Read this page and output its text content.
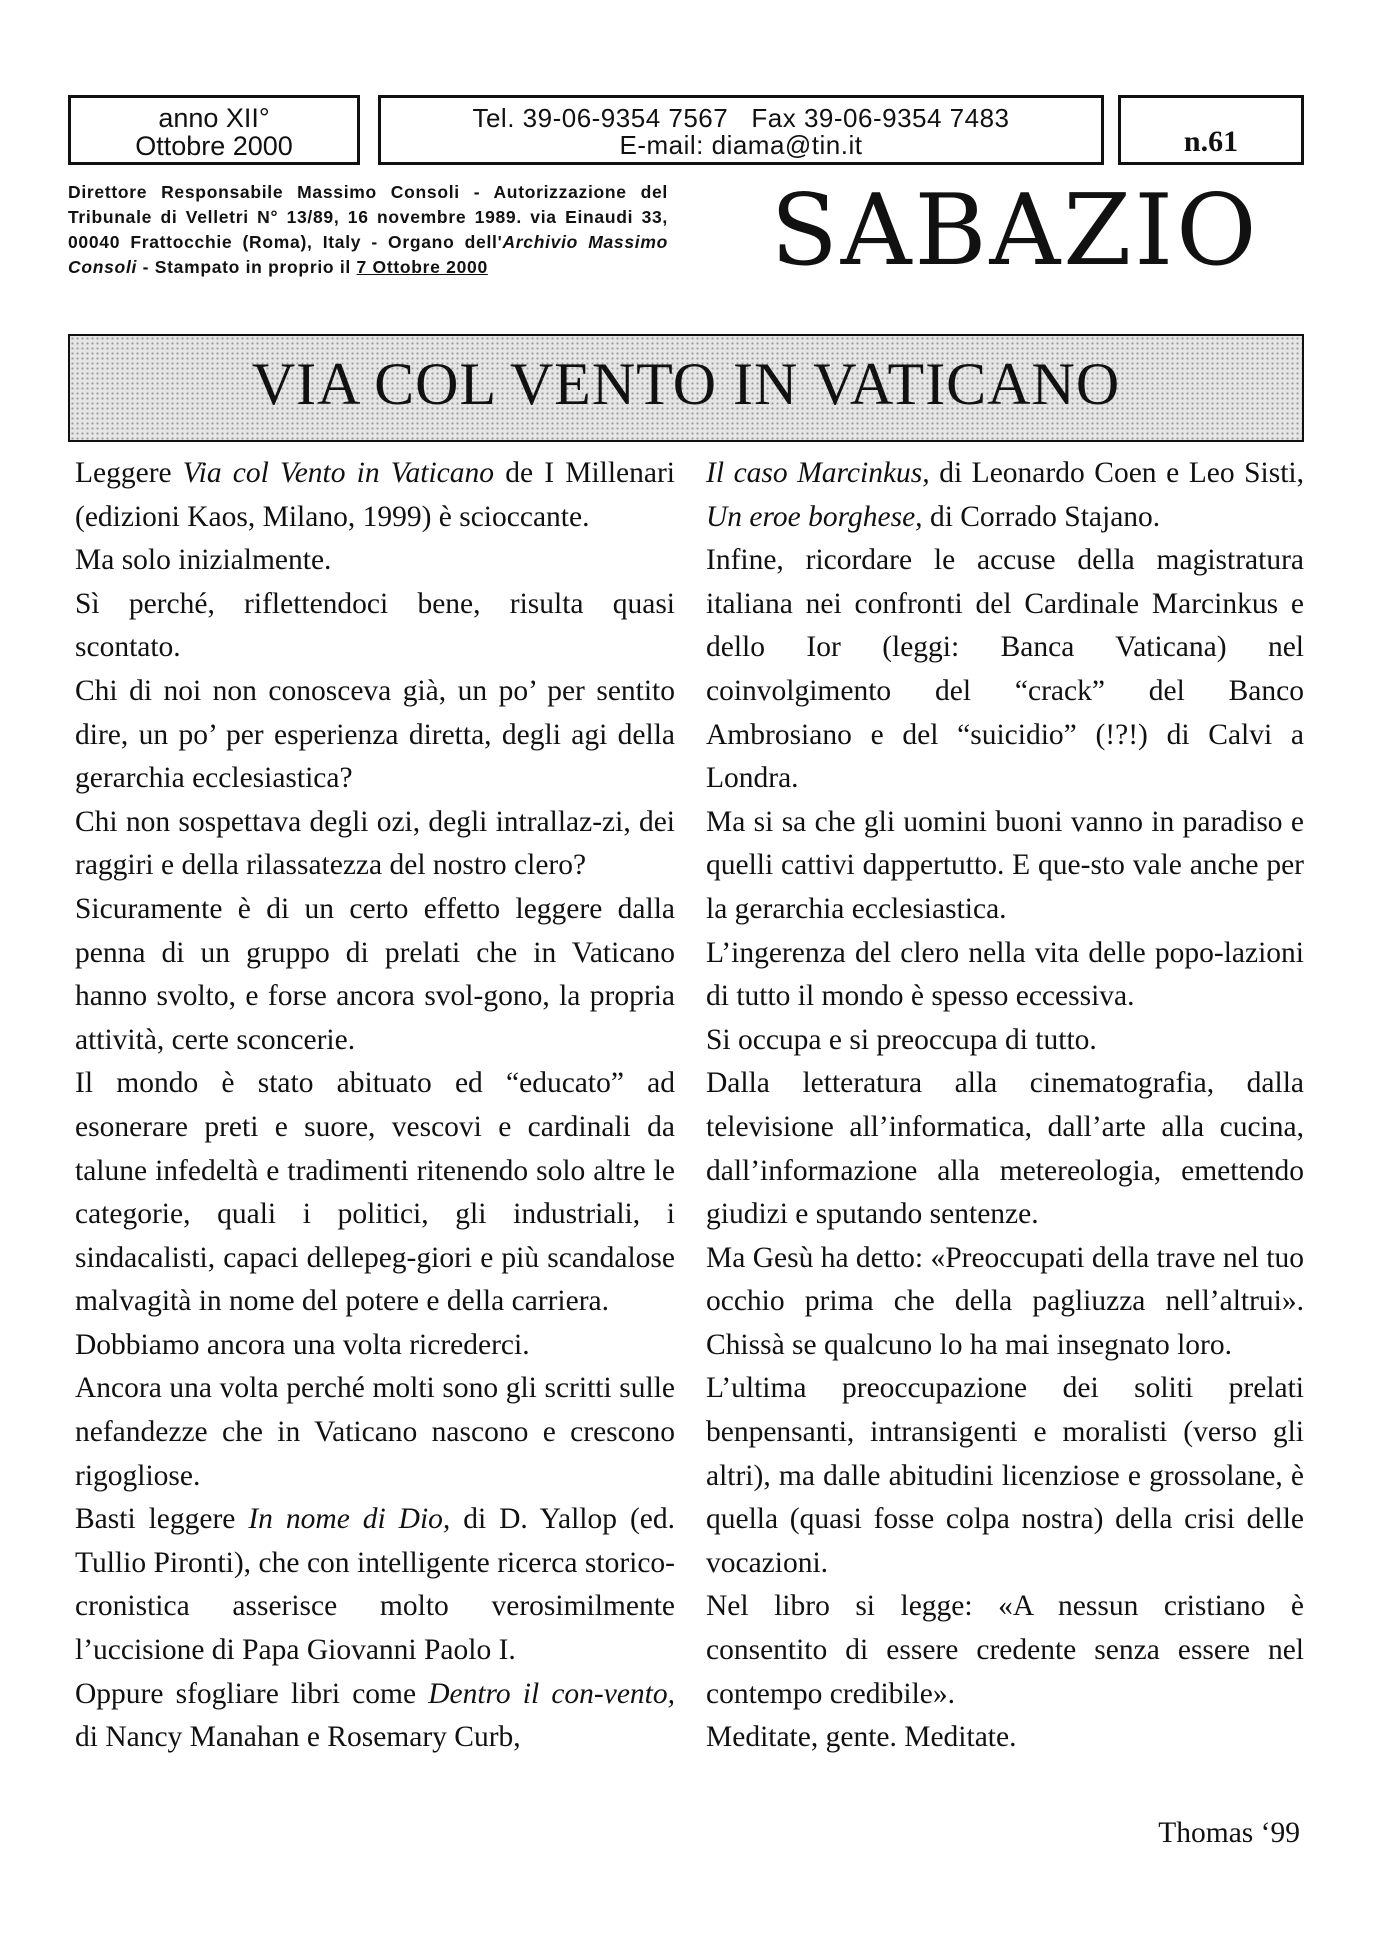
anno XII°
Ottobre 2000
Tel. 39-06-9354 7567   Fax 39-06-9354 7483
E-mail: diama@tin.it	n.61
Direttore Responsabile Massimo Consoli - Autorizzazione del Tribunale di Velletri N° 13/89, 16 novembre 1989. via Einaudi 33, 00040 Frattocchie (Roma), Italy - Organo dell'Archivio Massimo Consoli - Stampato in proprio il 7 Ottobre 2000	SABAZIO
VIA COL VENTO IN VATICANO

Leggere Via col Vento in Vaticano de I Millenari (edizioni Kaos, Milano, 1999) è scioccante.

Ma solo inizialmente.

Sì perché, riflettendoci bene, risulta quasi scontato.

Chi di noi non conosceva già, un po’ per sentito dire, un po’ per esperienza diretta, degli agi della gerarchia ecclesiastica?

Chi non sospettava degli ozi, degli intrallaz-zi, dei raggiri e della rilassatezza del nostro clero?

Sicuramente è di un certo effetto leggere dalla penna di un gruppo di prelati che in Vaticano hanno svolto, e forse ancora svol-gono, la propria attività, certe sconcerie.

Il mondo è stato abituato ed “educato” ad esonerare preti e suore, vescovi e cardinali da talune infedeltà e tradimenti ritenendo solo altre le categorie, quali i politici, gli industriali, i sindacalisti, capaci dellepeg-giori e più scandalose malvagità in nome del potere e della carriera.

Dobbiamo ancora una volta ricrederci.

Ancora una volta perché molti sono gli scritti sulle nefandezze che in Vaticano nascono e crescono rigogliose.

Basti leggere In nome di Dio, di D. Yallop (ed. Tullio Pironti), che con intelligente ricerca storico-cronistica asserisce molto verosimilmente l’uccisione di Papa Giovanni Paolo I.

Oppure sfogliare libri come Dentro il con-vento, di Nancy Manahan e Rosemary Curb,

Il caso Marcinkus, di Leonardo Coen e Leo Sisti, Un eroe borghese, di Corrado Stajano.

Infine, ricordare le accuse della magistratura italiana nei confronti del Cardinale Marcinkus e dello Ior (leggi: Banca Vaticana) nel coinvolgimento del “crack” del Banco Ambrosiano e del “suicidio” (!?!) di Calvi a Londra.

Ma si sa che gli uomini buoni vanno in paradiso e quelli cattivi dappertutto. E que-sto vale anche per la gerarchia ecclesiastica.

L’ingerenza del clero nella vita delle popo-lazioni di tutto il mondo è spesso eccessiva.

Si occupa e si preoccupa di tutto.

Dalla letteratura alla cinematografia, dalla televisione all’informatica, dall’arte alla cucina, dall’informazione alla metereologia, emettendo giudizi e sputando sentenze.

Ma Gesù ha detto: «Preoccupati della trave nel tuo occhio prima che della pagliuzza nell’altrui». Chissà se qualcuno lo ha mai insegnato loro.

L’ultima preoccupazione dei soliti prelati benpensanti, intransigenti e moralisti (verso gli altri), ma dalle abitudini licenziose e grossolane, è quella (quasi fosse colpa nostra) della crisi delle vocazioni.

Nel libro si legge: «A nessun cristiano è consentito di essere credente senza essere nel contempo credibile».

Meditate, gente. Meditate.

Thomas ‘99
